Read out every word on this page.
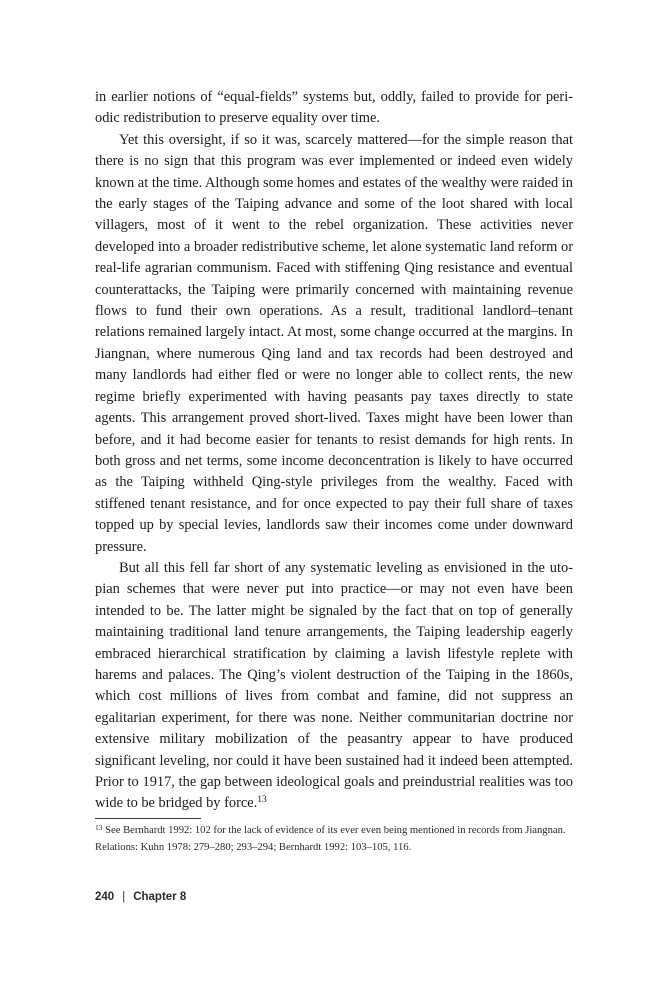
in earlier notions of “equal-fields” systems but, oddly, failed to provide for periodic redistribution to preserve equality over time.

Yet this oversight, if so it was, scarcely mattered—for the simple reason that there is no sign that this program was ever implemented or indeed even widely known at the time. Although some homes and estates of the wealthy were raided in the early stages of the Taiping advance and some of the loot shared with local villagers, most of it went to the rebel organization. These activities never developed into a broader redistributive scheme, let alone systematic land reform or real-life agrarian communism. Faced with stiffening Qing resistance and eventual counterattacks, the Taiping were primarily concerned with maintaining revenue flows to fund their own operations. As a result, traditional landlord–tenant relations remained largely intact. At most, some change occurred at the margins. In Jiangnan, where numerous Qing land and tax records had been destroyed and many landlords had either fled or were no longer able to collect rents, the new regime briefly experimented with having peasants pay taxes directly to state agents. This arrangement proved short-lived. Taxes might have been lower than before, and it had become easier for tenants to resist demands for high rents. In both gross and net terms, some income deconcentration is likely to have occurred as the Taiping withheld Qing-style privileges from the wealthy. Faced with stiffened tenant resistance, and for once expected to pay their full share of taxes topped up by special levies, landlords saw their incomes come under downward pressure.

But all this fell far short of any systematic leveling as envisioned in the utopian schemes that were never put into practice—or may not even have been intended to be. The latter might be signaled by the fact that on top of generally maintaining traditional land tenure arrangements, the Taiping leadership eagerly embraced hierarchical stratification by claiming a lavish lifestyle replete with harems and palaces. The Qing’s violent destruction of the Taiping in the 1860s, which cost millions of lives from combat and famine, did not suppress an egalitarian experiment, for there was none. Neither communitarian doctrine nor extensive military mobilization of the peasantry appear to have produced significant leveling, nor could it have been sustained had it indeed been attempted. Prior to 1917, the gap between ideological goals and preindustrial realities was too wide to be bridged by force.$^{13}$

$^{13}$ See Bernhardt 1992: 102 for the lack of evidence of its ever even being mentioned in records from Jiangnan. Relations: Kuhn 1978: 279–280; 293–294; Bernhardt 1992: 103–105, 116.

240 | Chapter 8
